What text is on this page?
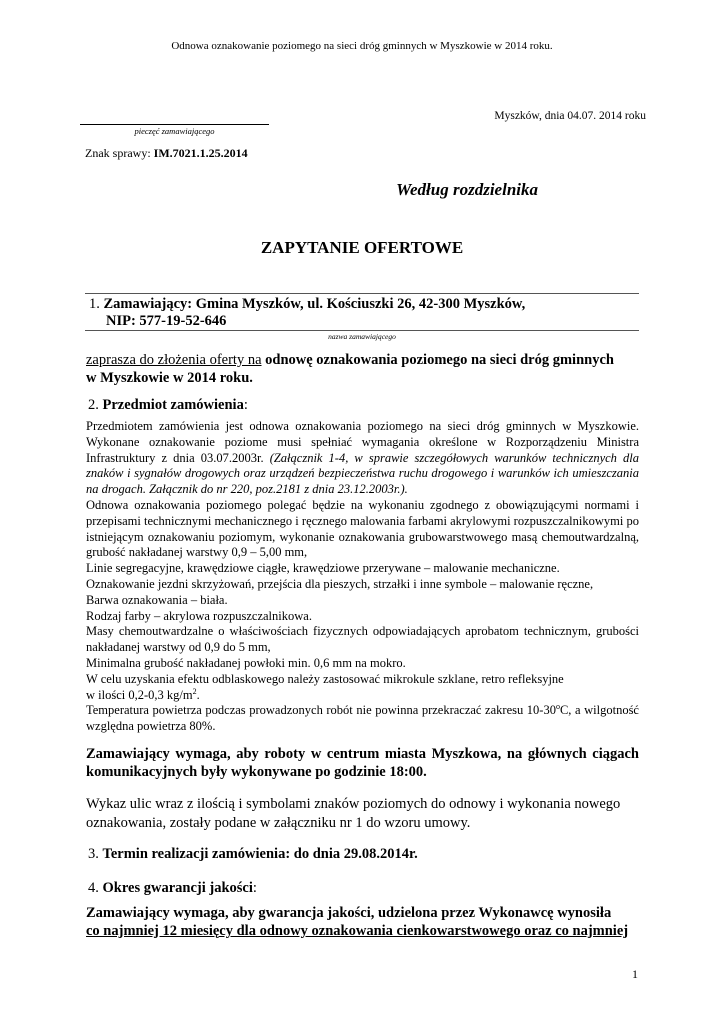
Odnowa oznakowanie poziomego na sieci dróg gminnych w Myszkowie w 2014 roku.
Myszków, dnia 04.07. 2014 roku
pieczęć zamawiającego
Znak sprawy: IM.7021.1.25.2014
Według rozdzielnika
ZAPYTANIE OFERTOWE
1. Zamawiający: Gmina Myszków, ul. Kościuszki 26, 42-300 Myszków,
NIP: 577-19-52-646
nazwa zamawiającego
zaprasza do złożenia oferty na odnowę oznakowania poziomego na sieci dróg gminnych
w Myszkowie w 2014 roku.
2. Przedmiot zamówienia:

Przedmiotem zamówienia jest odnowa oznakowania poziomego na sieci dróg gminnych w Myszkowie. Wykonane oznakowanie poziome musi spełniać wymagania określone w Rozporządzeniu Ministra Infrastruktury z dnia 03.07.2003r. (Załącznik 1-4, w sprawie szczegółowych warunków technicznych dla znaków i sygnałów drogowych oraz urządzeń bezpieczeństwa ruchu drogowego i warunków ich umieszczania na drogach. Załącznik do nr 220, poz.2181 z dnia 23.12.2003r.).

Odnowa oznakowania poziomego polegać będzie na wykonaniu zgodnego z obowiązującymi normami i przepisami technicznymi mechanicznego i ręcznego malowania farbami akrylowymi rozpuszczalnikowymi po istniejącym oznakowaniu poziomym, wykonanie oznakowania grubowarstwowego masą chemoutwardzalną, grubość nakładanej warstwy 0,9 – 5,00 mm,

Linie segregacyjne, krawędziowe ciągłe, krawędziowe przerywane – malowanie mechaniczne.

Oznakowanie jezdni skrzyżowań, przejścia dla pieszych, strzałki i inne symbole – malowanie ręczne,

Barwa oznakowania – biała.

Rodzaj farby – akrylowa rozpuszczalnikowa.

Masy chemoutwardzalne o właściwościach fizycznych odpowiadających aprobatom technicznym, grubości nakładanej warstwy od 0,9 do 5 mm,

Minimalna grubość nakładanej powłoki min. 0,6 mm na mokro.

W celu uzyskania efektu odblaskowego należy zastosować mikrokule szklane, retro refleksyjne

w ilości 0,2-0,3 $kg/m^2$.

Temperatura powietrza podczas prowadzonych robót nie powinna przekraczać zakresu 10-30$^o$C, a wilgotność względna powietrza 80%.

Zamawiający wymaga, aby roboty w centrum miasta Myszkowa, na głównych ciągach komunikacyjnych były wykonywane po godzinie 18:00.
Wykaz ulic wraz z ilością i symbolami znaków poziomych do odnowy i wykonania nowego oznakowania, zostały podane w załączniku nr 1 do wzoru umowy.
3. Termin realizacji zamówienia: do dnia 29.08.2014r.
4. Okres gwarancji jakości:
Zamawiający wymaga, aby gwarancja jakości, udzielona przez Wykonawcę wynosiła
co najmniej 12 miesięcy dla odnowy oznakowania cienkowarstwowego oraz co najmniej
1
